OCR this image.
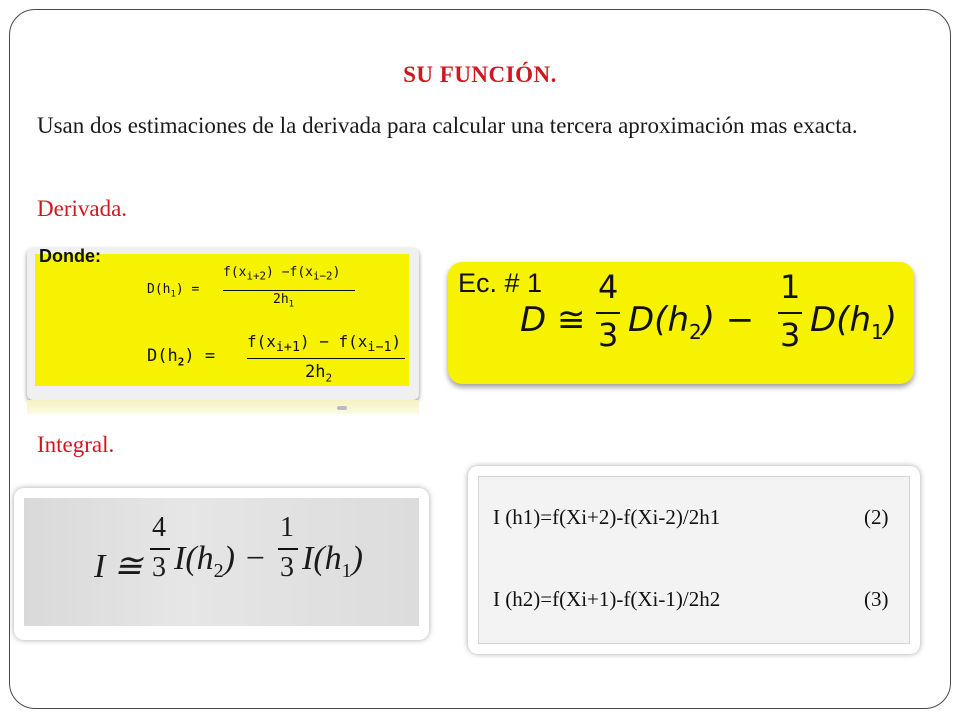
SU FUNCIÓN.
Usan dos estimaciones de la derivada para calcular una tercera aproximación mas exacta.
Derivada.
Donde:
$D(h_1)$ =
$f(x_{i+2}) -f(x_{i-2})$
$2h_1$
$D(h_2)$ =
$f(x_{i+1}) - f(x_{i-1})$
$2h_2$
Ec. # 1
D ≅
4
3 $D(h_2)$ −
1
3 $D(h_1)$
Integral.
I ≅
4
3 $I(h_2)$ −
1
3 $I(h_1)$
I (h1)=f(Xi+2)-f(Xi-2)/2h1	(2)
I (h2)=f(Xi+1)-f(Xi-1)/2h2	(3)
